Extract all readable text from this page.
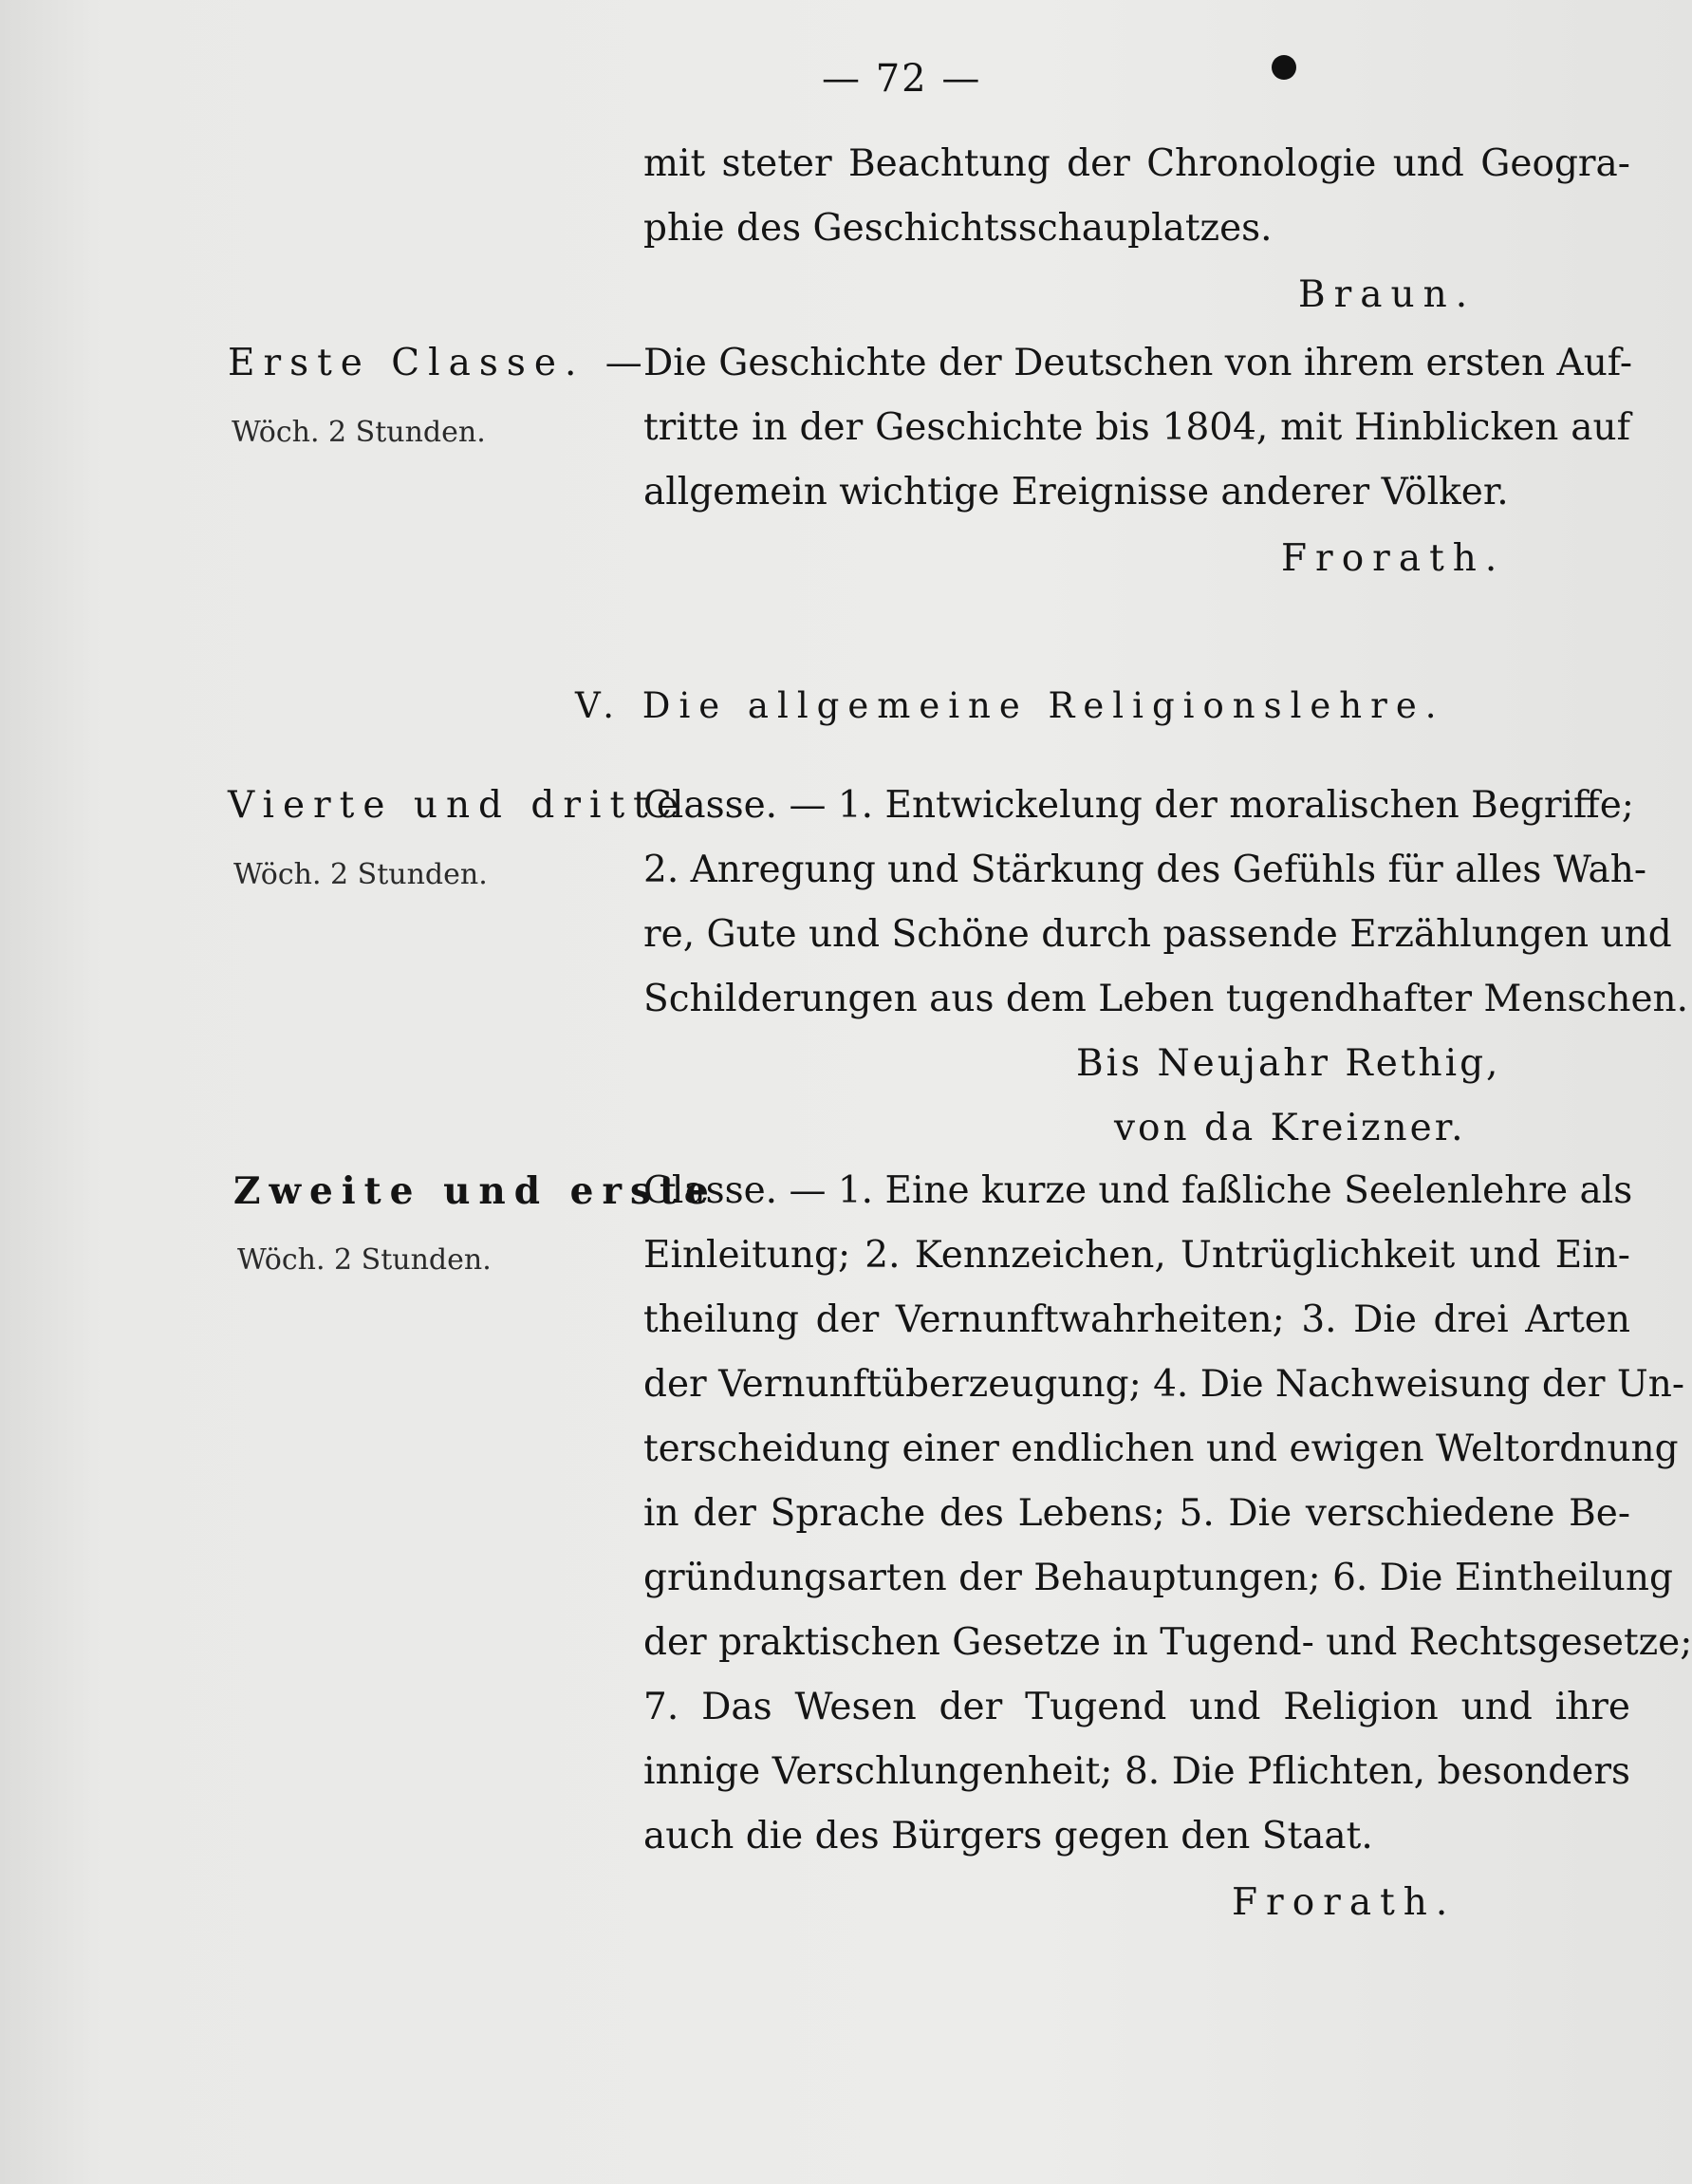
— 72 —
mit steter Beachtung der Chronologie und Geogra-
phie des Geschichtsschauplatzes.
Braun.
Erste Classe. —
Wöch. 2 Stunden.
Die Geschichte der Deutschen von ihrem ersten Auf-
tritte in der Geschichte bis 1804, mit Hinblicken auf
allgemein wichtige Ereignisse anderer Völker.
Frorath.
V. Die allgemeine Religionslehre.
Vierte und dritte
Wöch. 2 Stunden.
Classe. — 1. Entwickelung der moralischen Begriffe;
2. Anregung und Stärkung des Gefühls für alles Wah-
re, Gute und Schöne durch passende Erzählungen und
Schilderungen aus dem Leben tugendhafter Menschen.
Bis Neujahr Rethig,
von da Kreizner.
Zweite und erste
Wöch. 2 Stunden.
Classe. — 1. Eine kurze und faßliche Seelenlehre als
Einleitung; 2. Kennzeichen, Untrüglichkeit und Ein-
theilung der Vernunftwahrheiten; 3. Die drei Arten
der Vernunftüberzeugung; 4. Die Nachweisung der Un-
terscheidung einer endlichen und ewigen Weltordnung
in der Sprache des Lebens; 5. Die verschiedene Be-
gründungsarten der Behauptungen; 6. Die Eintheilung
der praktischen Gesetze in Tugend- und Rechtsgesetze;
7. Das Wesen der Tugend und Religion und ihre
innige Verschlungenheit; 8. Die Pflichten, besonders
auch die des Bürgers gegen den Staat.
Frorath.
